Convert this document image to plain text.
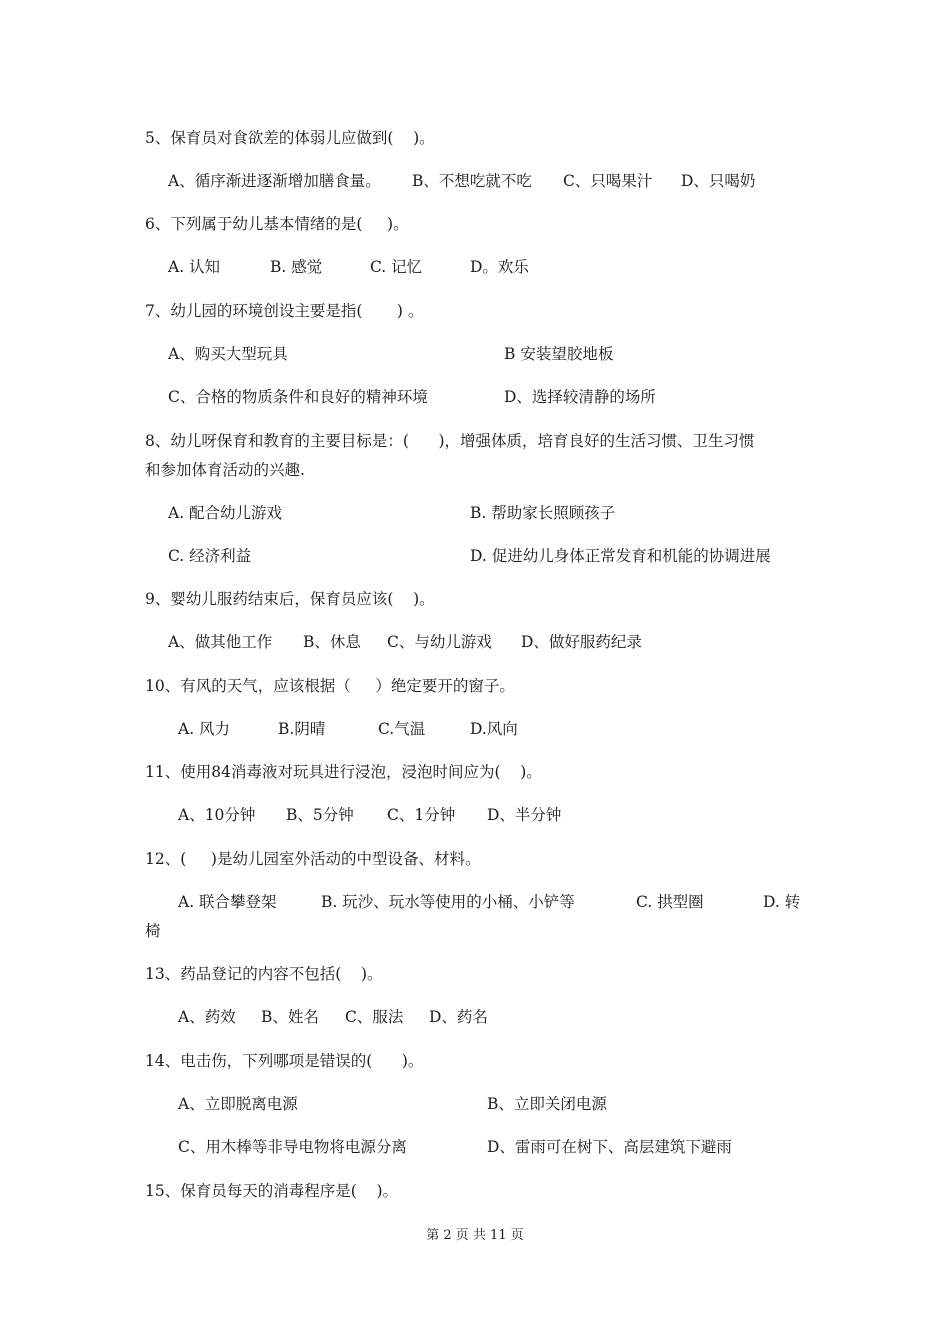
5、保育员对食欲差的体弱儿应做到(    )。
A、循序渐进逐渐增加膳食量。 B、不想吃就不吃 C、只喝果汁 D、只喝奶
6、下列属于幼儿基本情绪的是(     )。
A. 认知	B. 感觉	C. 记忆	D。欢乐
7、幼儿园的环境创设主要是指(       ) 。
A、购买大型玩具	B 安装望胶地板
C、合格的物质条件和良好的精神环境	D、选择较清静的场所
8、幼儿呀保育和教育的主要目标是：(      )，增强体质，培育良好的生活习惯、卫生习惯
和参加体育活动的兴趣.
A. 配合幼儿游戏	B. 帮助家长照顾孩子
C. 经济利益	D. 促进幼儿身体正常发育和机能的协调进展
9、婴幼儿服药结束后，保育员应该(    )。
A、做其他工作 B、休息 C、与幼儿游戏 D、做好服药纪录
10、有风的天气，应该根据（     ）绝定要开的窗子。
A. 风力	B.阴晴	C.气温	D.风向
11、使用84消毒液对玩具进行浸泡，浸泡时间应为(    )。
A、10分钟 B、5分钟 C、1分钟 D、半分钟
12、(     )是幼儿园室外活动的中型设备、材料。
A. 联合攀登架	B. 玩沙、玩水等使用的小桶、小铲等	C. 拱型圈	D. 转
椅
13、药品登记的内容不包括(    )。
A、药效 B、姓名 C、服法 D、药名
14、电击伤，下列哪项是错误的(      )。
A、立即脱离电源	B、立即关闭电源
C、用木棒等非导电物将电源分离	D、雷雨可在树下、高层建筑下避雨
15、保育员每天的消毒程序是(    )。
第 2 页 共 11 页
